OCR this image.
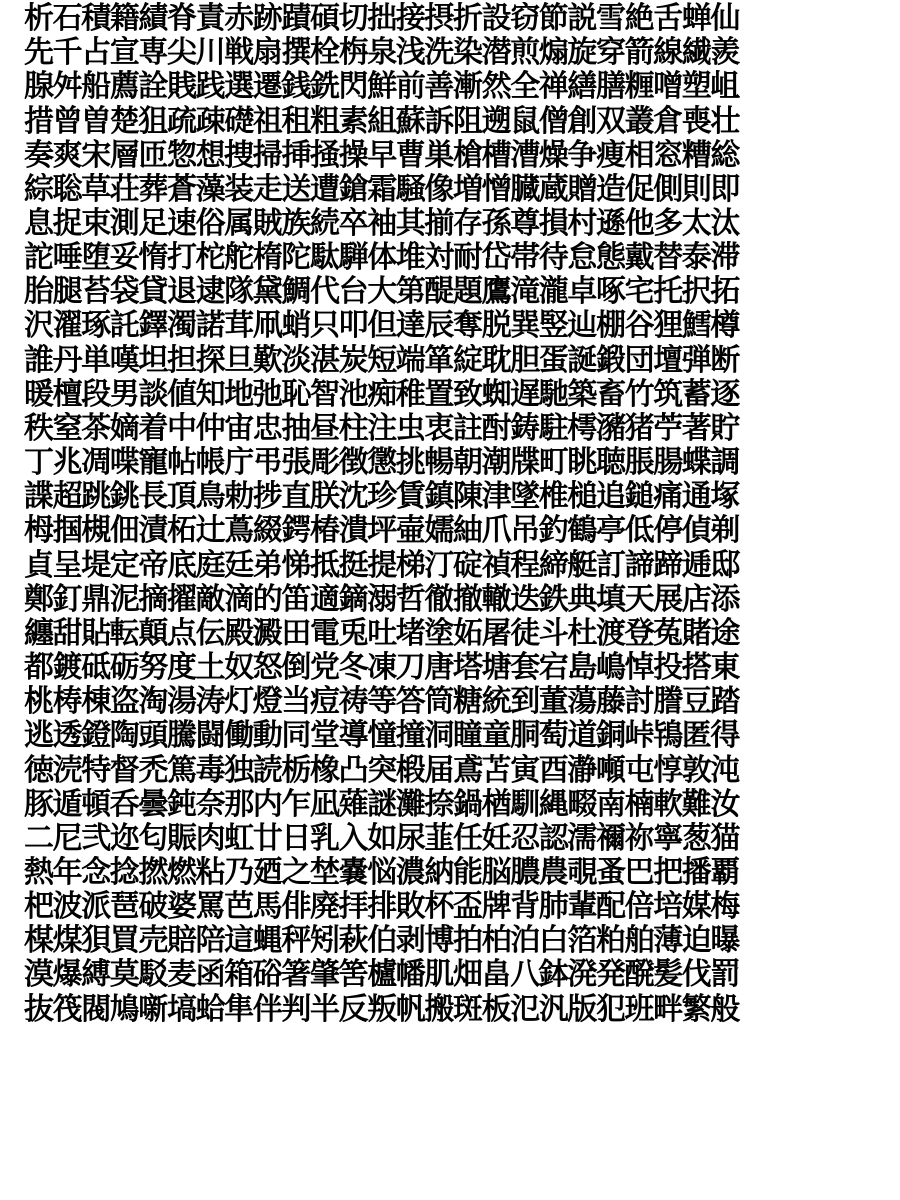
析石積籍績脊責赤跡蹟碩切拙接摂折設窃節説雪絶舌蝉仙
先千占宣専尖川戦扇撰栓栴泉浅洗染潜煎煽旋穿箭線繊羨
腺舛船薦詮賎践選遷銭銑閃鮮前善漸然全禅繕膳糎噌塑岨
措曾曽楚狙疏疎礎祖租粗素組蘇訴阻遡鼠僧創双叢倉喪壮
奏爽宋層匝惣想捜掃挿掻操早曹巣槍槽漕燥争痩相窓糟総
綜聡草荘葬蒼藻装走送遭鎗霜騒像増憎臓蔵贈造促側則即
息捉束測足速俗属賊族続卒袖其揃存孫尊損村遜他多太汰
詑唾堕妥惰打柁舵楕陀駄騨体堆対耐岱帯待怠態戴替泰滞
胎腿苔袋貸退逮隊黛鯛代台大第醍題鷹滝瀧卓啄宅托択拓
沢濯琢託鐸濁諾茸凧蛸只叩但達辰奪脱巽竪辿棚谷狸鱈樽
誰丹単嘆坦担探旦歎淡湛炭短端箪綻耽胆蛋誕鍛団壇弾断
暖檀段男談値知地弛恥智池痴稚置致蜘遅馳築畜竹筑蓄逐
秩窒茶嫡着中仲宙忠抽昼柱注虫衷註酎鋳駐樗瀦猪苧著貯
丁兆凋喋寵帖帳庁弔張彫徴懲挑暢朝潮牒町眺聴脹腸蝶調
諜超跳銚長頂鳥勅捗直朕沈珍賃鎮陳津墜椎槌追鎚痛通塚
栂掴槻佃漬柘辻蔦綴鍔椿潰坪壷嬬紬爪吊釣鶴亭低停偵剃
貞呈堤定帝底庭廷弟悌抵挺提梯汀碇禎程締艇訂諦蹄逓邸
鄭釘鼎泥摘擢敵滴的笛適鏑溺哲徹撤轍迭鉄典填天展店添
纏甜貼転顛点伝殿澱田電兎吐堵塗妬屠徒斗杜渡登菟賭途
都鍍砥砺努度土奴怒倒党冬凍刀唐塔塘套宕島嶋悼投搭東
桃梼棟盗淘湯涛灯燈当痘祷等答筒糖統到董蕩藤討謄豆踏
逃透鐙陶頭騰闘働動同堂導憧撞洞瞳童胴萄道銅峠鴇匿得
徳涜特督禿篤毒独読栃橡凸突椴届鳶苫寅酉瀞噸屯惇敦沌
豚遁頓呑曇鈍奈那内乍凪薙謎灘捺鍋楢馴縄畷南楠軟難汝
二尼弐迩匂賑肉虹廿日乳入如尿韮任妊忍認濡禰祢寧葱猫
熱年念捻撚燃粘乃廼之埜嚢悩濃納能脳膿農覗蚤巴把播覇
杷波派琶破婆罵芭馬俳廃拝排敗杯盃牌背肺輩配倍培媒梅
楳煤狽買売賠陪這蝿秤矧萩伯剥博拍柏泊白箔粕舶薄迫曝
漠爆縛莫駁麦函箱硲箸肇筈櫨幡肌畑畠八鉢溌発醗髪伐罰
抜筏閥鳩噺塙蛤隼伴判半反叛帆搬斑板氾汎版犯班畔繁般
